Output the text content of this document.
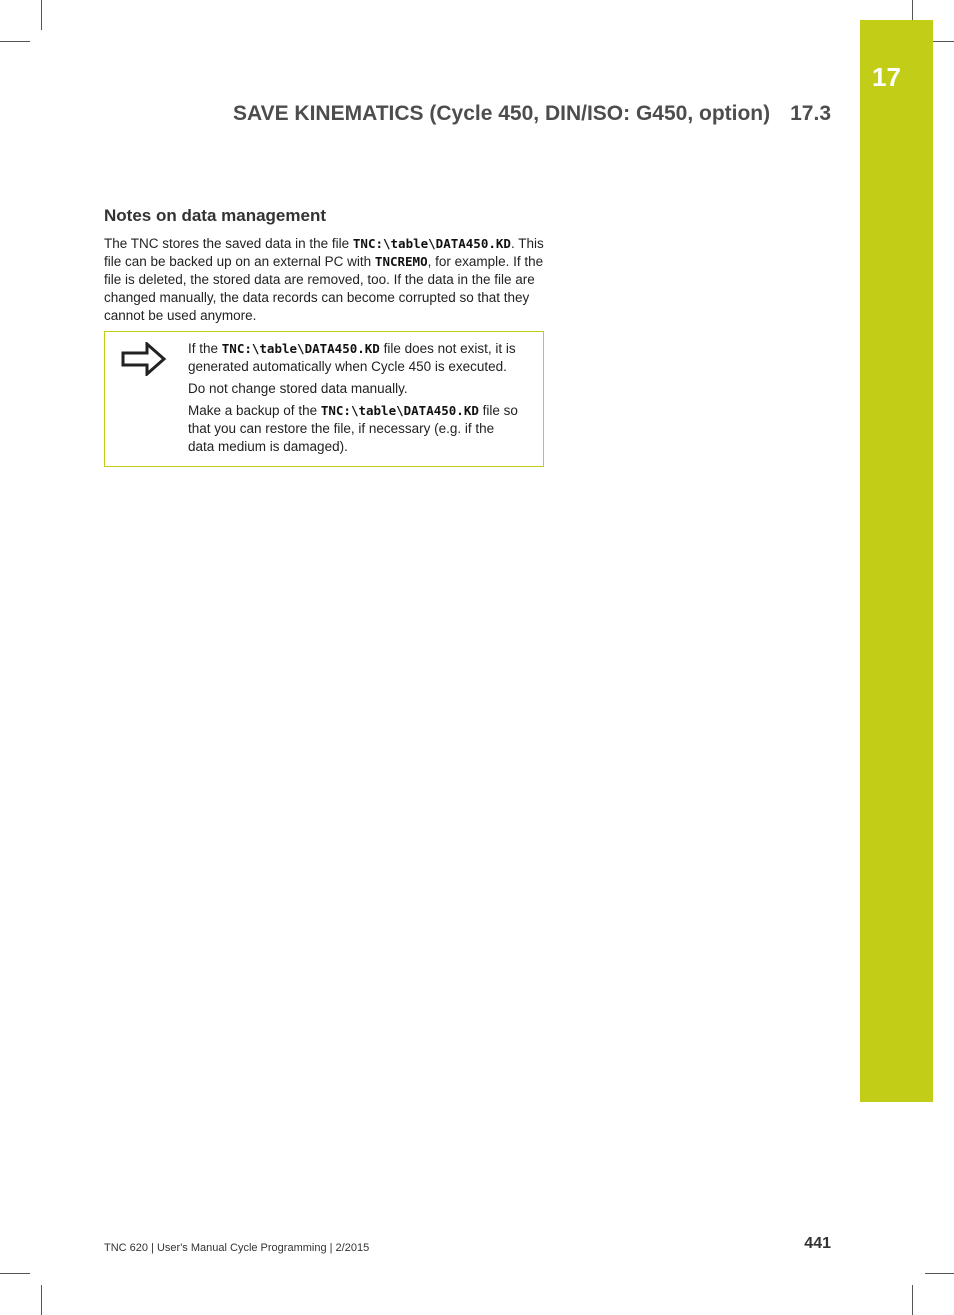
17
SAVE KINEMATICS (Cycle 450, DIN/ISO: G450, option) 17.3
Notes on data management

The TNC stores the saved data in the file TNC:\table\DATA450.KD. This file can be backed up on an external PC with TNCREMO, for example. If the file is deleted, the stored data are removed, too. If the data in the file are changed manually, the data records can become corrupted so that they cannot be used anymore.

If the TNC:\table\DATA450.KD file does not exist, it is generated automatically when Cycle 450 is executed.

Do not change stored data manually.

Make a backup of the TNC:\table\DATA450.KD file so that you can restore the file, if necessary (e.g. if the data medium is damaged).

TNC 620 | User's Manual Cycle Programming | 2/2015	441
